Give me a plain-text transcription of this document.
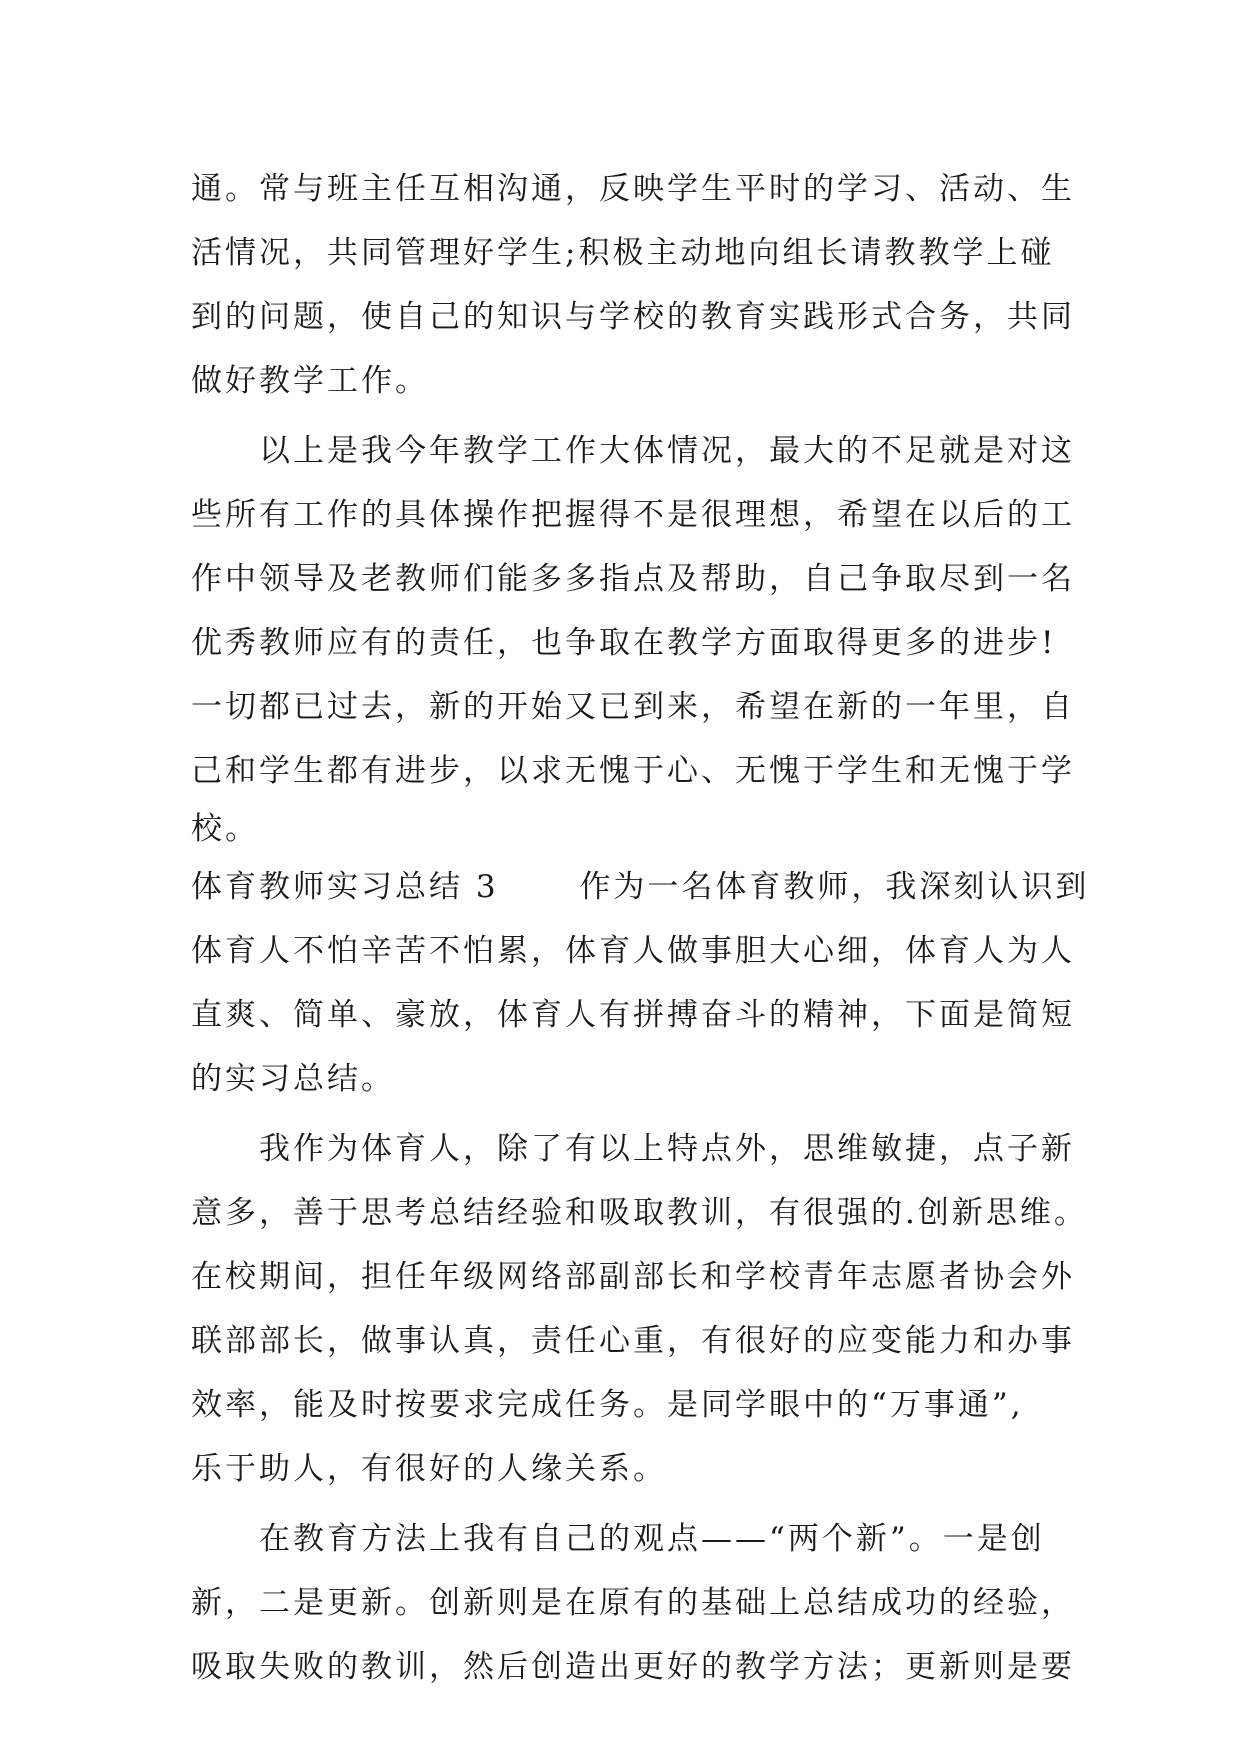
通。常与班主任互相沟通，反映学生平时的学习、活动、生
活情况，共同管理好学生;积极主动地向组长请教教学上碰
到的问题，使自己的知识与学校的教育实践形式合务，共同
做好教学工作。
　　以上是我今年教学工作大体情况，最大的不足就是对这
些所有工作的具体操作把握得不是很理想，希望在以后的工
作中领导及老教师们能多多指点及帮助，自己争取尽到一名
优秀教师应有的责任，也争取在教学方面取得更多的进步!
一切都已过去，新的开始又已到来，希望在新的一年里，自
己和学生都有进步，以求无愧于心、无愧于学生和无愧于学
校。
体育教师实习总结 3　　 作为一名体育教师，我深刻认识到
体育人不怕辛苦不怕累，体育人做事胆大心细，体育人为人
直爽、简单、豪放，体育人有拼搏奋斗的精神，下面是简短
的实习总结。
　　我作为体育人，除了有以上特点外，思维敏捷，点子新
意多，善于思考总结经验和吸取教训，有很强的.创新思维。
在校期间，担任年级网络部副部长和学校青年志愿者协会外
联部部长，做事认真，责任心重，有很好的应变能力和办事
效率，能及时按要求完成任务。是同学眼中的“万事通”,
乐于助人，有很好的人缘关系。
　　在教育方法上我有自己的观点——“两个新”。一是创
新，二是更新。创新则是在原有的基础上总结成功的经验，
吸取失败的教训，然后创造出更好的教学方法；更新则是要
